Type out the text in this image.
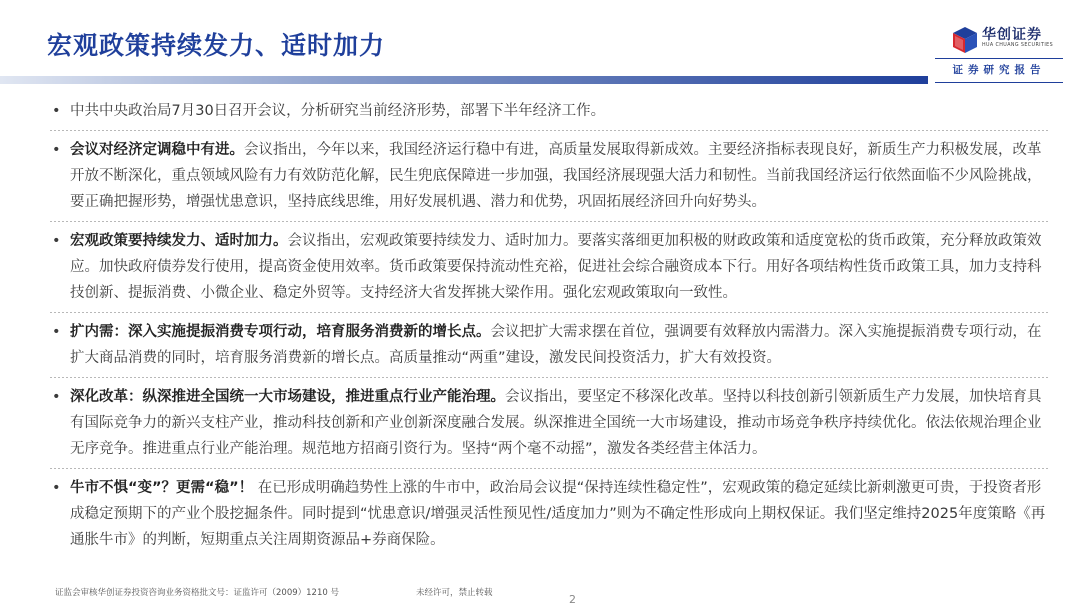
宏观政策持续发力、适时加力	华创证券
HUA CHUANG SECURITIES
证券研究报告
• 中共中央政治局7月30日召开会议，分析研究当前经济形势，部署下半年经济工作。
• 会议对经济定调稳中有进。会议指出，今年以来，我国经济运行稳中有进，高质量发展取得新成效。主要经济指标表现良好，新质生产力积极发展，改革开放不断深化，重点领域风险有力有效防范化解，民生兜底保障进一步加强，我国经济展现强大活力和韧性。当前我国经济运行依然面临不少风险挑战，要正确把握形势，增强忧患意识，坚持底线思维，用好发展机遇、潜力和优势，巩固拓展经济回升向好势头。
• 宏观政策要持续发力、适时加力。会议指出，宏观政策要持续发力、适时加力。要落实落细更加积极的财政政策和适度宽松的货币政策，充分释放政策效应。加快政府债券发行使用，提高资金使用效率。货币政策要保持流动性充裕，促进社会综合融资成本下行。用好各项结构性货币政策工具，加力支持科技创新、提振消费、小微企业、稳定外贸等。支持经济大省发挥挑大梁作用。强化宏观政策取向一致性。
• 扩内需：深入实施提振消费专项行动，培育服务消费新的增长点。会议把扩大需求摆在首位，强调要有效释放内需潜力。深入实施提振消费专项行动，在扩大商品消费的同时，培育服务消费新的增长点。高质量推动“两重”建设，激发民间投资活力，扩大有效投资。
• 深化改革：纵深推进全国统一大市场建设，推进重点行业产能治理。会议指出，要坚定不移深化改革。坚持以科技创新引领新质生产力发展，加快培育具有国际竞争力的新兴支柱产业，推动科技创新和产业创新深度融合发展。纵深推进全国统一大市场建设，推动市场竞争秩序持续优化。依法依规治理企业无序竞争。推进重点行业产能治理。规范地方招商引资行为。坚持“两个毫不动摇”，激发各类经营主体活力。
• 牛市不惧“变”？更需“稳”！ 在已形成明确趋势性上涨的牛市中，政治局会议提“保持连续性稳定性”，宏观政策的稳定延续比新刺激更可贵，于投资者形成稳定预期下的产业个股挖掘条件。同时提到“忧患意识/增强灵活性预见性/适度加力”则为不确定性形成向上期权保证。我们坚定维持2025年度策略《再通胀牛市》的判断，短期重点关注周期资源品+券商保险。
证监会审核华创证券投资咨询业务资格批文号：证监许可（2009）1210 号	未经许可，禁止转载	2
